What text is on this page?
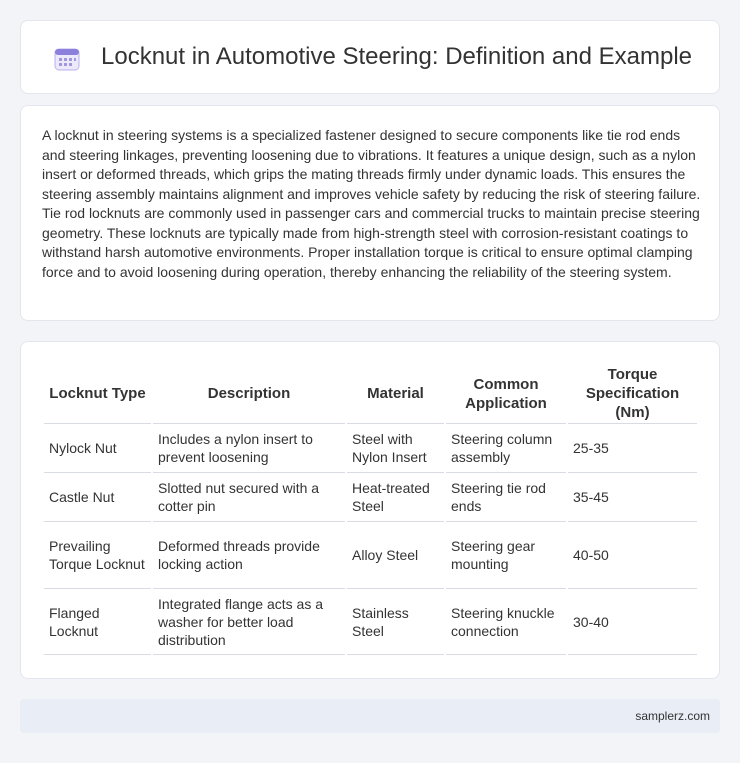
Locknut in Automotive Steering: Definition and Example

A locknut in steering systems is a specialized fastener designed to secure components like tie rod ends and steering linkages, preventing loosening due to vibrations. It features a unique design, such as a nylon insert or deformed threads, which grips the mating threads firmly under dynamic loads. This ensures the steering assembly maintains alignment and improves vehicle safety by reducing the risk of steering failure. Tie rod locknuts are commonly used in passenger cars and commercial trucks to maintain precise steering geometry. These locknuts are typically made from high-strength steel with corrosion-resistant coatings to withstand harsh automotive environments. Proper installation torque is critical to ensure optimal clamping force and to avoid loosening during operation, thereby enhancing the reliability of the steering system.

Locknut Type	Description	Material	Common Application	Torque Specification (Nm)
Nylock Nut	Includes a nylon insert to prevent loosening	Steel with Nylon Insert	Steering column assembly	25-35
Castle Nut	Slotted nut secured with a cotter pin	Heat-treated Steel	Steering tie rod ends	35-45
Prevailing Torque Locknut	Deformed threads provide locking action	Alloy Steel	Steering gear mounting	40-50
Flanged Locknut	Integrated flange acts as a washer for better load distribution	Stainless Steel	Steering knuckle connection	30-40
samplerz.com
